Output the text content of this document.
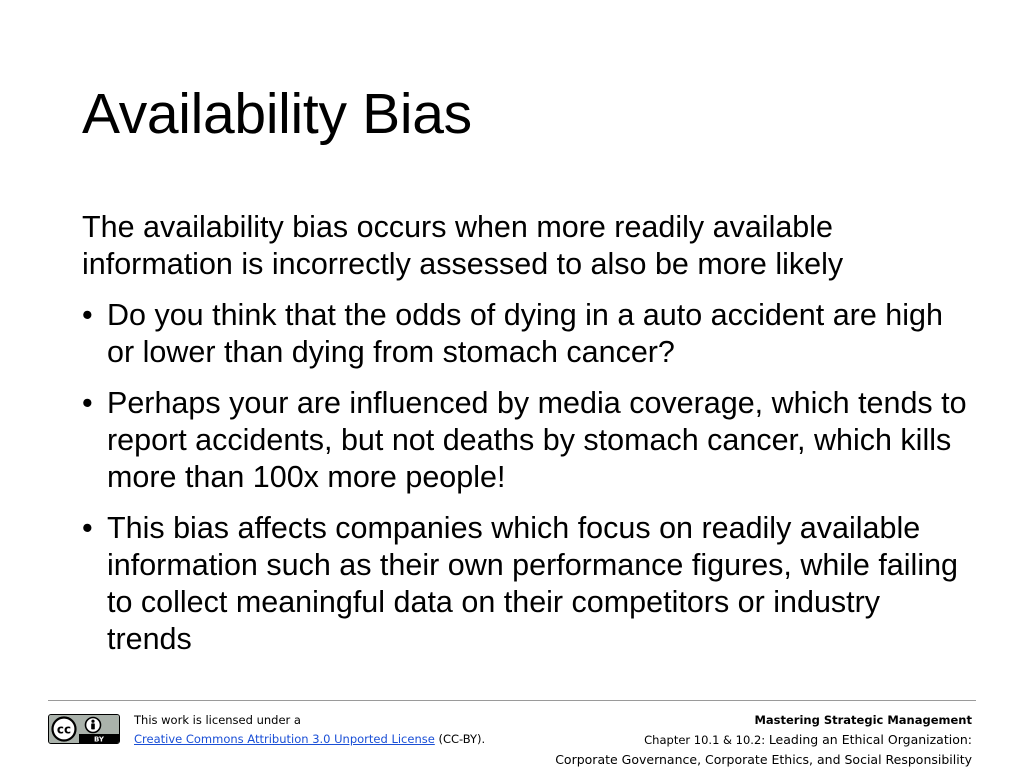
Availability Bias

The availability bias occurs when more readily available information is incorrectly assessed to also be more likely

• Do you think that the odds of dying in a auto accident are high or lower than dying from stomach cancer?
• Perhaps your are influenced by media coverage, which tends to report accidents, but not deaths by stomach cancer, which kills more than 100x more people!
• This bias affects companies which focus on readily available information such as their own performance figures, while failing to collect meaningful data on their competitors or industry trends
cc
BY
This work is licensed under a
Creative Commons Attribution 3.0 Unported License (CC-BY).
Mastering Strategic Management
Chapter 10.1 & 10.2: Leading an Ethical Organization:
Corporate Governance, Corporate Ethics, and Social Responsibility
